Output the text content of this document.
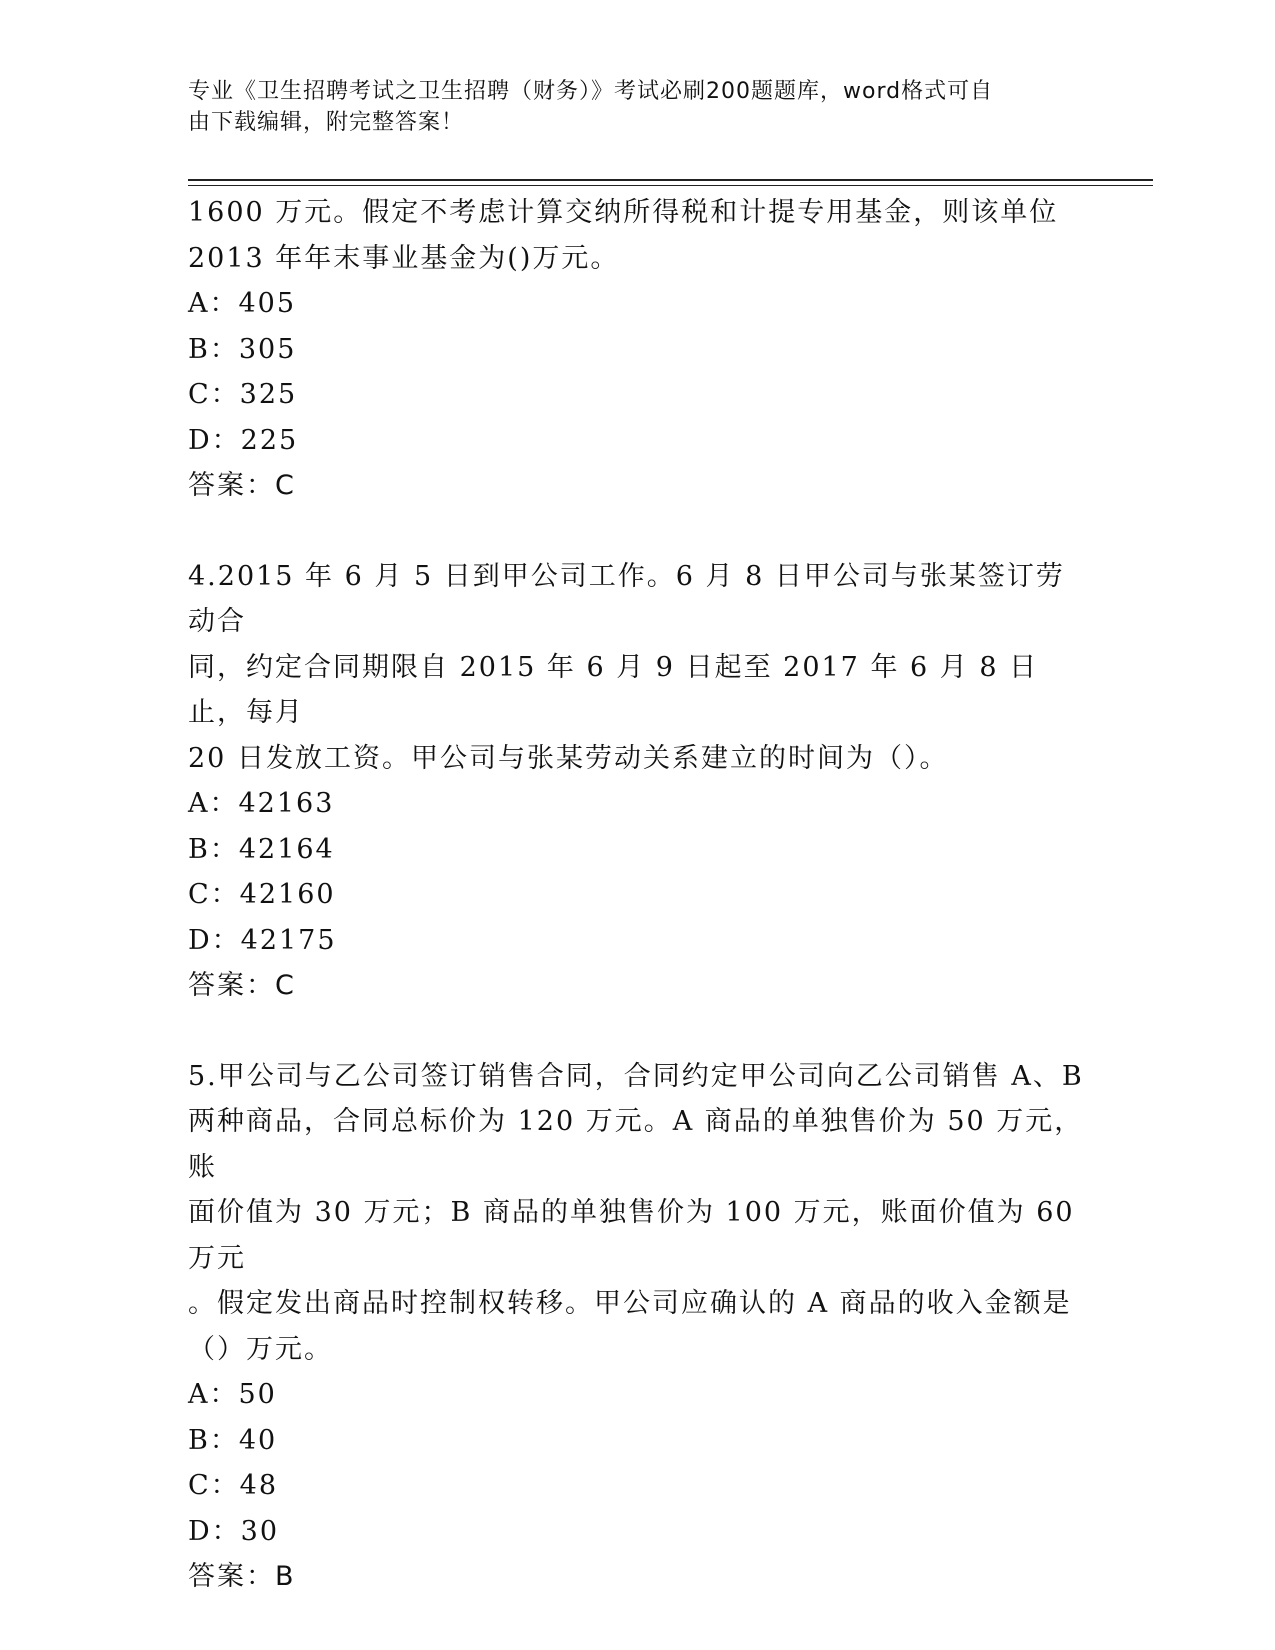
专业《卫生招聘考试之卫生招聘（财务）》考试必刷200题题库，word格式可自
由下载编辑，附完整答案！
1600 万元。假定不考虑计算交纳所得税和计提专用基金，则该单位
2013 年年末事业基金为()万元。
A：405
B：305
C：325
D：225
答案：C
4.2015 年 6 月 5 日到甲公司工作。6 月 8 日甲公司与张某签订劳动合
同，约定合同期限自 2015 年 6 月 9 日起至 2017 年 6 月 8 日止，每月
20 日发放工资。甲公司与张某劳动关系建立的时间为（）。
A：42163
B：42164
C：42160
D：42175
答案：C
5.甲公司与乙公司签订销售合同，合同约定甲公司向乙公司销售 A、B
两种商品，合同总标价为 120 万元。A 商品的单独售价为 50 万元，账
面价值为 30 万元；B 商品的单独售价为 100 万元，账面价值为 60 万元
。假定发出商品时控制权转移。甲公司应确认的 A 商品的收入金额是
（）万元。
A：50
B：40
C：48
D：30
答案：B
